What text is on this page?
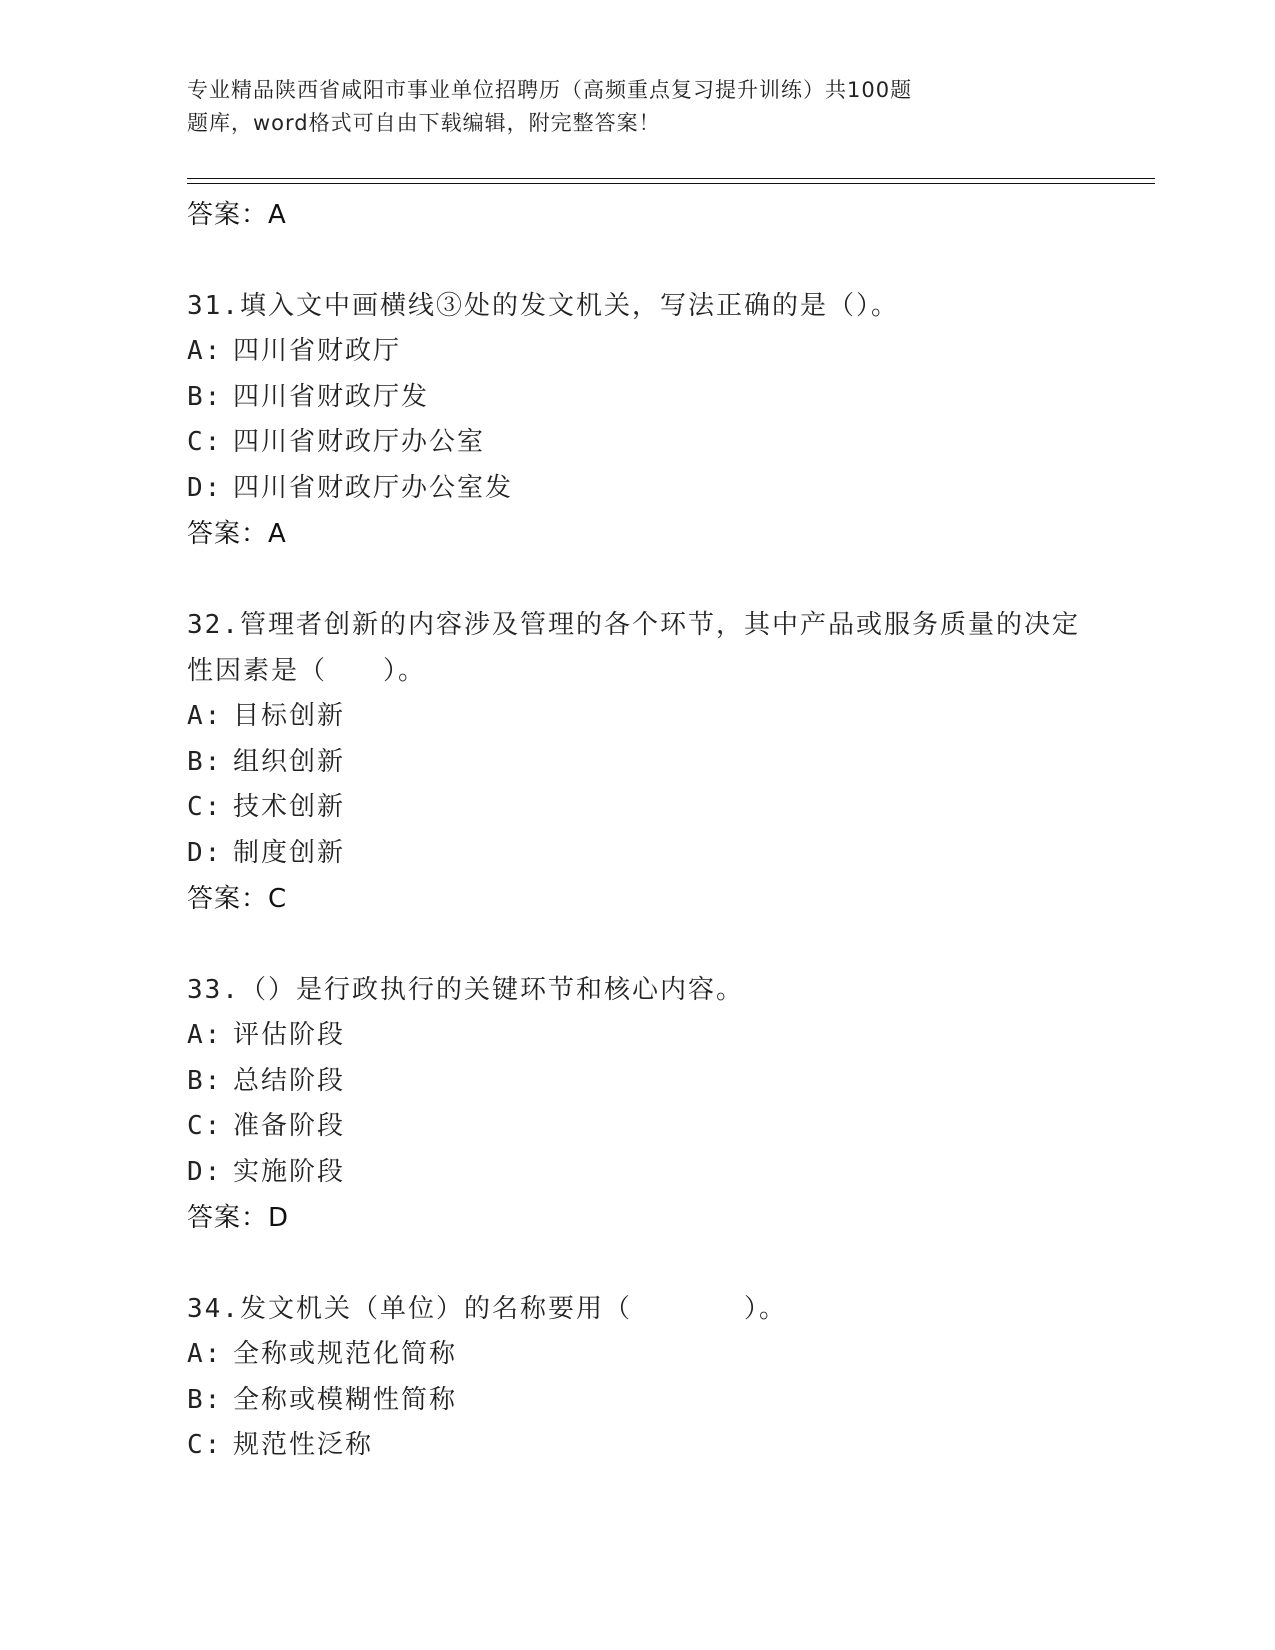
专业精品陕西省咸阳市事业单位招聘历（高频重点复习提升训练）共100题
题库，word格式可自由下载编辑，附完整答案！
答案：A
31.填入文中画横线③处的发文机关，写法正确的是（）。
A: 四川省财政厅
B: 四川省财政厅发
C: 四川省财政厅办公室
D: 四川省财政厅办公室发
答案：A
32.管理者创新的内容涉及管理的各个环节，其中产品或服务质量的决定性因素是（　　）。
A: 目标创新
B: 组织创新
C: 技术创新
D: 制度创新
答案：C
33.（）是行政执行的关键环节和核心内容。
A: 评估阶段
B: 总结阶段
C: 准备阶段
D: 实施阶段
答案：D
34.发文机关（单位）的名称要用（　　　　）。
A: 全称或规范化简称
B: 全称或模糊性简称
C: 规范性泛称
